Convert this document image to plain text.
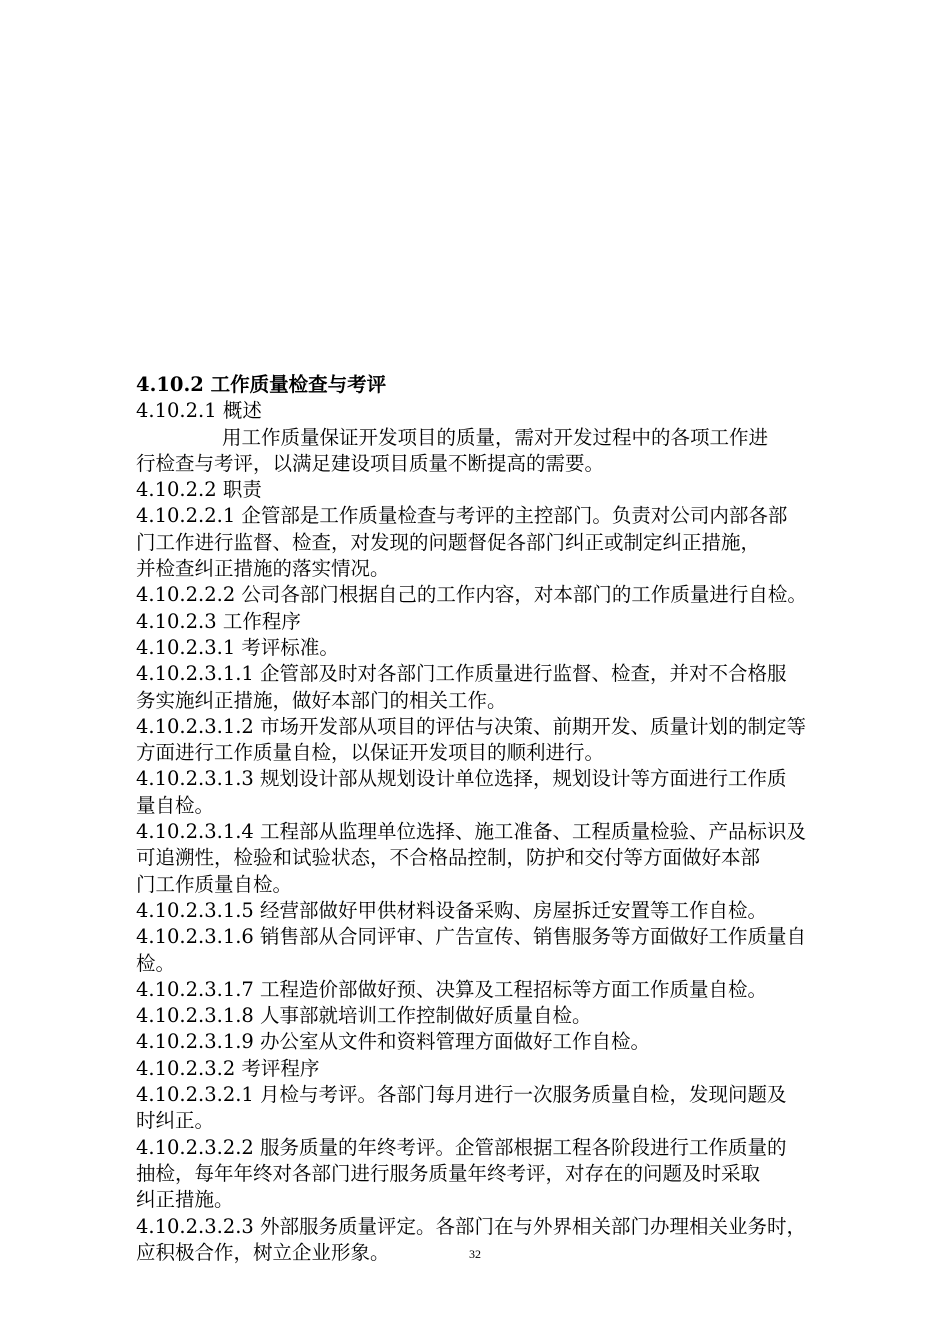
4.10.2 工作质量检查与考评
4.10.2.1 概述
用工作质量保证开发项目的质量，需对开发过程中的各项工作进
行检查与考评，以满足建设项目质量不断提高的需要。
4.10.2.2 职责
4.10.2.2.1 企管部是工作质量检查与考评的主控部门。负责对公司内部各部
门工作进行监督、检查，对发现的问题督促各部门纠正或制定纠正措施，
并检查纠正措施的落实情况。
4.10.2.2.2 公司各部门根据自己的工作内容，对本部门的工作质量进行自检。
4.10.2.3 工作程序
4.10.2.3.1 考评标准。
4.10.2.3.1.1 企管部及时对各部门工作质量进行监督、检查，并对不合格服
务实施纠正措施，做好本部门的相关工作。
4.10.2.3.1.2 市场开发部从项目的评估与决策、前期开发、质量计划的制定等
方面进行工作质量自检，以保证开发项目的顺利进行。
4.10.2.3.1.3 规划设计部从规划设计单位选择，规划设计等方面进行工作质
量自检。
4.10.2.3.1.4 工程部从监理单位选择、施工准备、工程质量检验、产品标识及
可追溯性，检验和试验状态，不合格品控制，防护和交付等方面做好本部
门工作质量自检。
4.10.2.3.1.5 经营部做好甲供材料设备采购、房屋拆迁安置等工作自检。
4.10.2.3.1.6 销售部从合同评审、广告宣传、销售服务等方面做好工作质量自
检。
4.10.2.3.1.7 工程造价部做好预、决算及工程招标等方面工作质量自检。
4.10.2.3.1.8 人事部就培训工作控制做好质量自检。
4.10.2.3.1.9 办公室从文件和资料管理方面做好工作自检。
4.10.2.3.2 考评程序
4.10.2.3.2.1 月检与考评。各部门每月进行一次服务质量自检，发现问题及
时纠正。
4.10.2.3.2.2 服务质量的年终考评。企管部根据工程各阶段进行工作质量的
抽检，每年年终对各部门进行服务质量年终考评，对存在的问题及时采取
纠正措施。
4.10.2.3.2.3 外部服务质量评定。各部门在与外界相关部门办理相关业务时，
应积极合作，树立企业形象。	32
